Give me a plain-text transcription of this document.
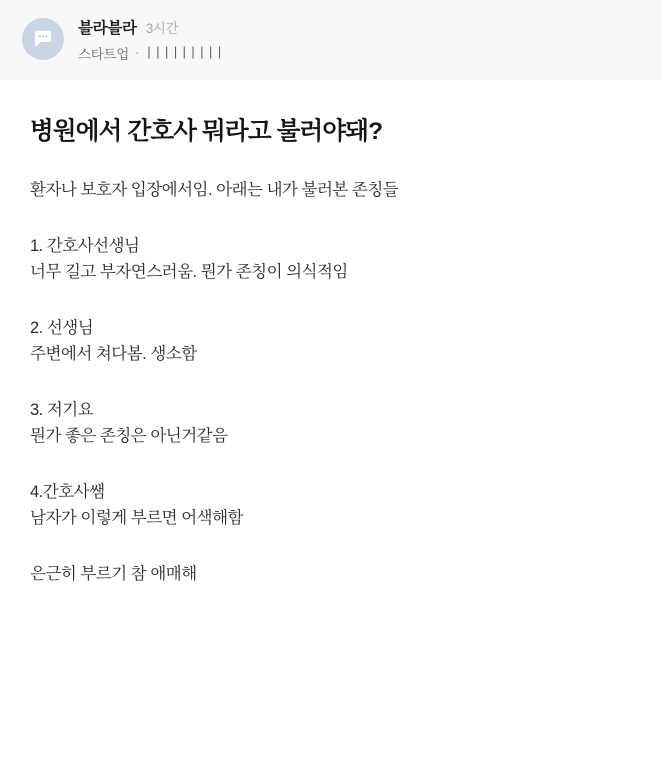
블라블라 3시간
스타트업 · |||||||||
병원에서 간호사 뭐라고 불러야돼?

환자나 보호자 입장에서임. 아래는 내가 불러본 존칭들

1. 간호사선생님

너무 길고 부자연스러움. 뭔가 존칭이 의식적임

2. 선생님

주변에서 쳐다봄. 생소함

3. 저기요

뭔가 좋은 존칭은 아닌거같음

4.간호사쌤

남자가 이렇게 부르면 어색해함

은근히 부르기 참 애매해
